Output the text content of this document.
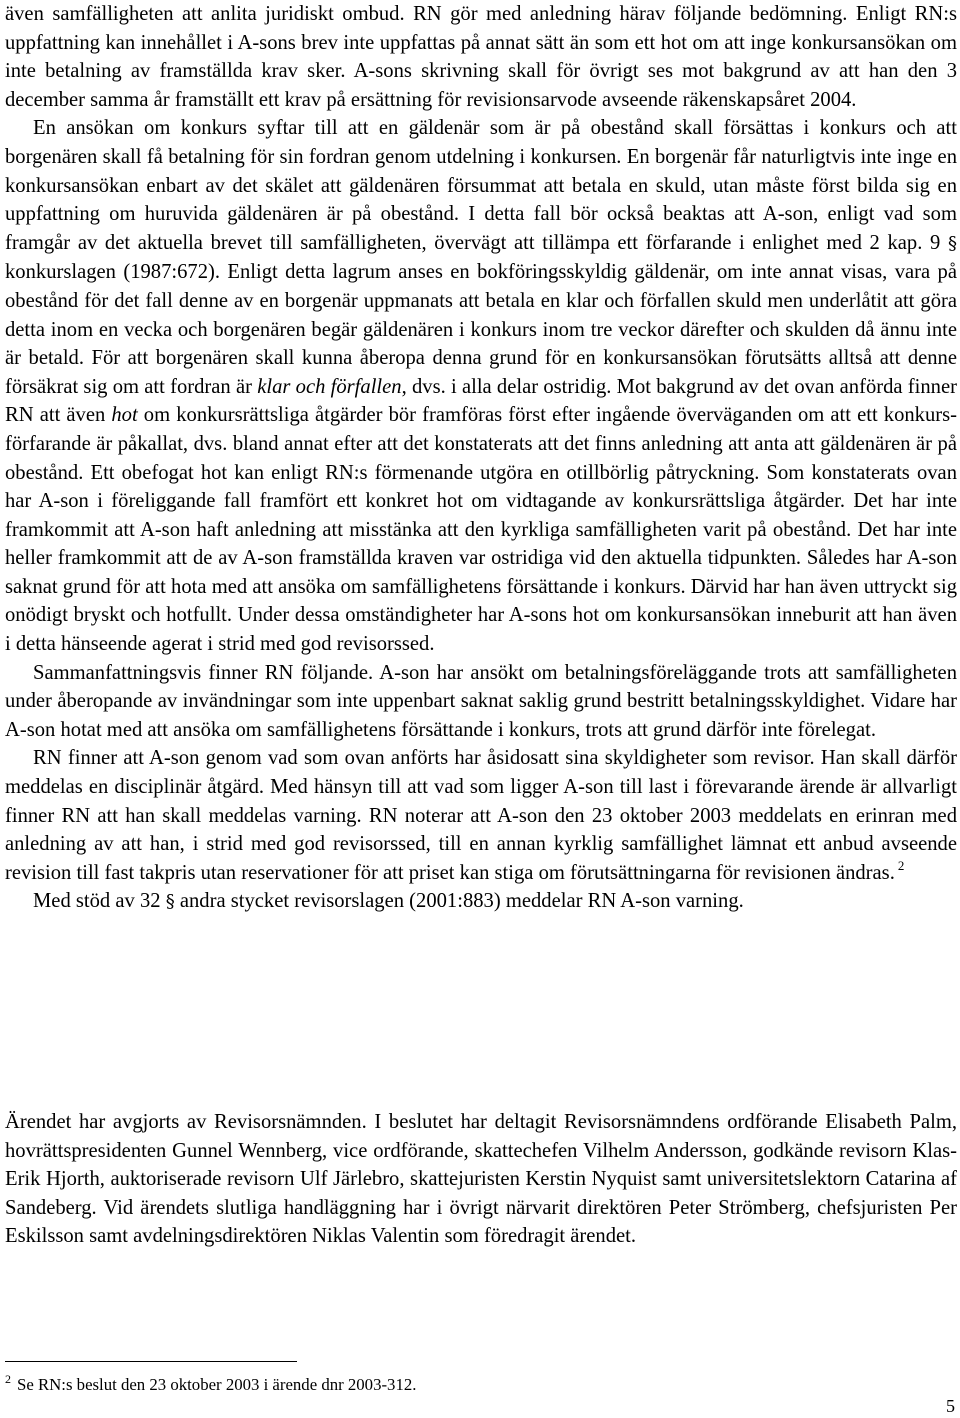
även samfälligheten att anlita juridiskt ombud. RN gör med anledning härav följande bedömning. Enligt RN:s uppfattning kan innehållet i A-sons brev inte uppfattas på annat sätt än som ett hot om att inge konkursansökan om inte betalning av framställda krav sker. A-sons skrivning skall för övrigt ses mot bakgrund av att han den 3 december samma år framställt ett krav på ersättning för revisionsarvode avseende räkenskapsåret 2004.

En ansökan om konkurs syftar till att en gäldenär som är på obestånd skall försättas i konkurs och att borgenären skall få betalning för sin fordran genom utdelning i konkursen. En borgenär får naturligtvis inte inge en konkursansökan enbart av det skälet att gäldenären försummat att betala en skuld, utan måste först bilda sig en uppfattning om huruvida gäldenären är på obestånd. I detta fall bör också beaktas att A-son, enligt vad som framgår av det aktuella brevet till samfälligheten, övervägt att tillämpa ett förfarande i enlighet med 2 kap. 9 § konkurslagen (1987:672). Enligt detta lagrum anses en bokföringsskyldig gäldenär, om inte annat visas, vara på obestånd för det fall denne av en borgenär uppmanats att betala en klar och förfallen skuld men underlåtit att göra detta inom en vecka och borgenären begär gäldenären i konkurs inom tre veckor därefter och skulden då ännu inte är betald. För att borgenären skall kunna åberopa denna grund för en konkursansökan förutsätts alltså att denne försäkrat sig om att fordran är klar och förfallen, dvs. i alla delar ostridig. Mot bakgrund av det ovan anförda finner RN att även hot om konkursrättsliga åtgärder bör framföras först efter ingående överväganden om att ett konkursförfarande är påkallat, dvs. bland annat efter att det konstaterats att det finns anledning att anta att gäldenären är på obestånd. Ett obefogat hot kan enligt RN:s förmenande utgöra en otillbörlig påtryckning. Som konstaterats ovan har A-son i föreliggande fall framfört ett konkret hot om vidtagande av konkursrättsliga åtgärder. Det har inte framkommit att A-son haft anledning att misstänka att den kyrkliga samfälligheten varit på obestånd. Det har inte heller framkommit att de av A-son framställda kraven var ostridiga vid den aktuella tidpunkten. Således har A-son saknat grund för att hota med att ansöka om samfällighetens försättande i konkurs. Därvid har han även uttryckt sig onödigt bryskt och hotfullt. Under dessa omständigheter har A-sons hot om konkursansökan inneburit att han även i detta hänseende agerat i strid med god revisorssed.

Sammanfattningsvis finner RN följande. A-son har ansökt om betalningsföreläggande trots att samfälligheten under åberopande av invändningar som inte uppenbart saknat saklig grund bestritt betalningsskyldighet. Vidare har A-son hotat med att ansöka om samfällighetens försättande i konkurs, trots att grund därför inte förelegat.

RN finner att A-son genom vad som ovan anförts har åsidosatt sina skyldigheter som revisor. Han skall därför meddelas en disciplinär åtgärd. Med hänsyn till att vad som ligger A-son till last i förevarande ärende är allvarligt finner RN att han skall meddelas varning. RN noterar att A-son den 23 oktober 2003 meddelats en erinran med anledning av att han, i strid med god revisorssed, till en annan kyrklig samfällighet lämnat ett anbud avseende revision till fast takpris utan reservationer för att priset kan stiga om förutsättningarna för revisionen ändras. $^2$

Med stöd av 32 § andra stycket revisorslagen (2001:883) meddelar RN A-son varning.

Ärendet har avgjorts av Revisorsnämnden. I beslutet har deltagit Revisorsnämndens ordförande Elisabeth Palm, hovrättspresidenten Gunnel Wennberg, vice ordförande, skattechefen Vilhelm Andersson, godkände revisorn Klas-Erik Hjorth, auktoriserade revisorn Ulf Järlebro, skattejuristen Kerstin Nyquist samt universitetslektorn Catarina af Sandeberg. Vid ärendets slutliga handläggning har i övrigt närvarit direktören Peter Strömberg, chefsjuristen Per Eskilsson samt avdelningsdirektören Niklas Valentin som föredragit ärendet.
$^2$ Se RN:s beslut den 23 oktober 2003 i ärende dnr 2003-312.
5
